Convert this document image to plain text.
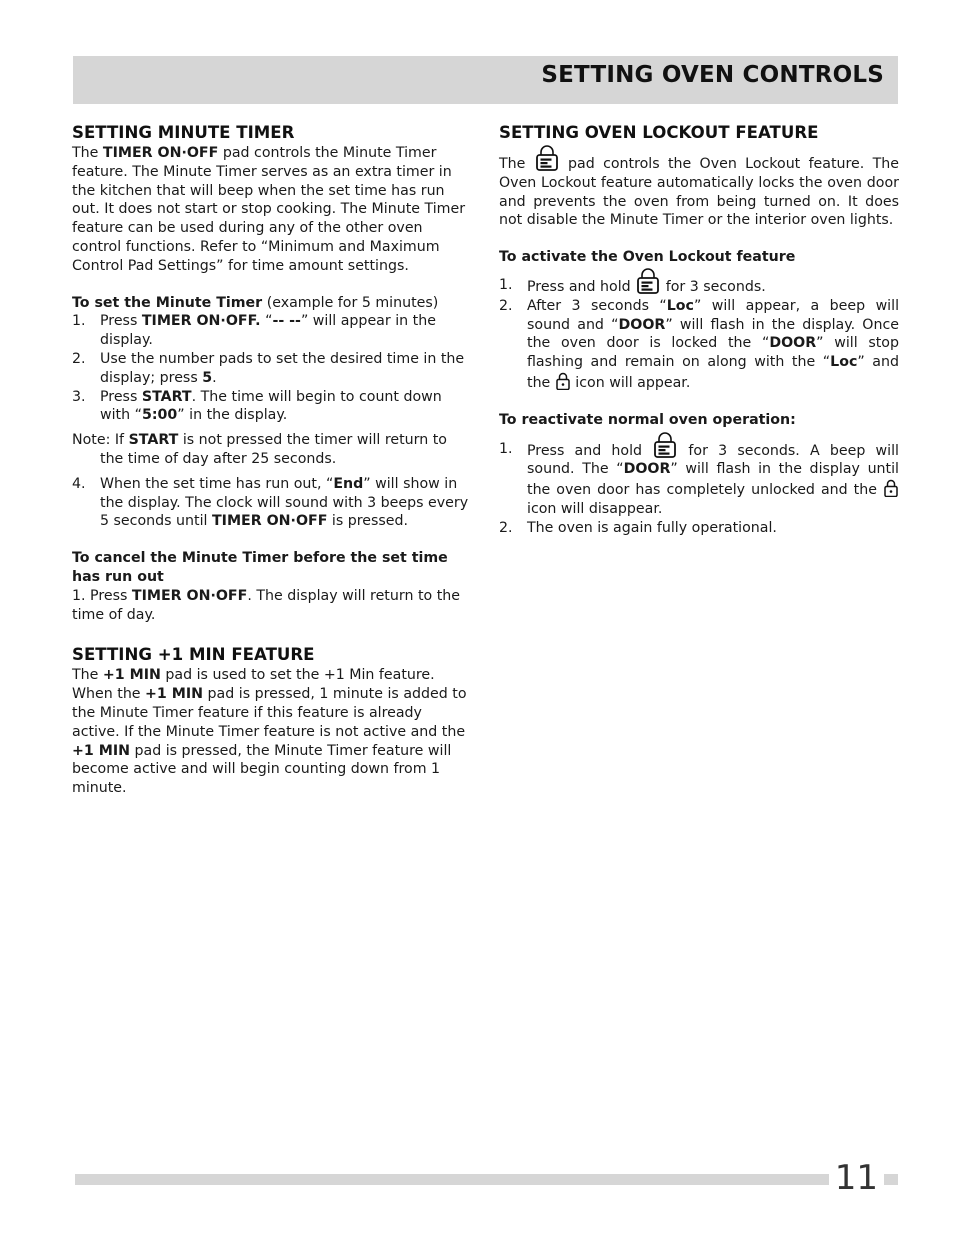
SETTING OVEN CONTROLS
SETTING MINUTE TIMER

The TIMER ON·OFF pad controls the Minute Timer feature. The Minute Timer serves as an extra timer in the kitchen that will beep when the set time has run out. It does not start or stop cooking. The Minute Timer feature can be used during any of the other oven control functions. Refer to “Minimum and Maximum Control Pad Settings” for time amount settings.

To set the Minute Timer (example for 5 minutes)

1. Press TIMER ON·OFF. “-- --” will appear in the display.
2. Use the number pads to set the desired time in the display; press 5.
3. Press START. The time will begin to count down with “5:00” in the display.

Note: If START is not pressed the timer will return to the time of day after 25 seconds.

4. When the set time has run out, “End” will show in the display. The clock will sound with 3 beeps every 5 seconds until TIMER ON·OFF is pressed.

To cancel the Minute Timer before the set time has run out

1. Press TIMER ON·OFF. The display will return to the time of day.

SETTING +1 MIN FEATURE

The +1 MIN pad is used to set the +1 Min feature. When the +1 MIN pad is pressed, 1 minute is added to the Minute Timer feature if this feature is already active. If the Minute Timer feature is not active and the +1 MIN pad is pressed, the Minute Timer feature will become active and will begin counting down from 1 minute.

SETTING OVEN LOCKOUT FEATURE

The
pad controls the Oven Lockout feature. The Oven Lockout feature automatically locks the oven door and prevents the oven from being turned on. It does not disable the Minute Timer or the interior oven lights.

To activate the Oven Lockout feature

1. Press and hold
for 3 seconds.
2. After 3 seconds “Loc” will appear, a beep will sound and “DOOR” will flash in the display. Once the oven door is locked the “DOOR” will stop flashing and remain on along with the “Loc” and the  icon will appear.

To reactivate normal oven operation:

1. Press and hold
for 3 seconds. A beep will sound. The “DOOR” will flash in the display until the oven door has completely unlocked and the  icon will disappear.
2. The oven is again fully operational.

11
